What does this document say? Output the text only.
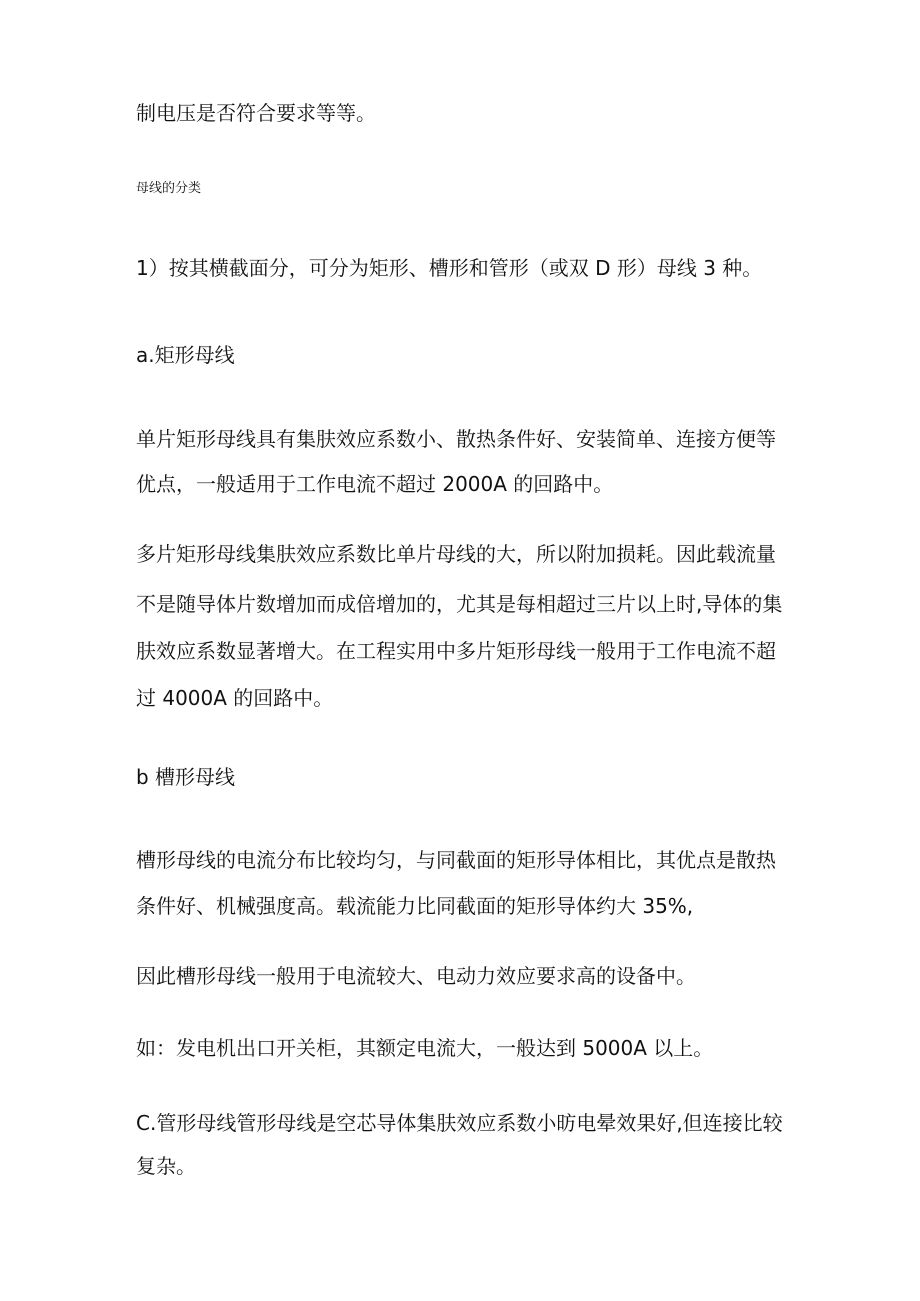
制电压是否符合要求等等。
母线的分类
1）按其横截面分，可分为矩形、槽形和管形（或双 D 形）母线 3 种。
a.矩形母线
单片矩形母线具有集肤效应系数小、散热条件好、安装简单、连接方便等
优点，一般适用于工作电流不超过 2000A 的回路中。
多片矩形母线集肤效应系数比单片母线的大，所以附加损耗。因此载流量
不是随导体片数增加而成倍增加的，尤其是每相超过三片以上时,导体的集
肤效应系数显著增大。在工程实用中多片矩形母线一般用于工作电流不超
过 4000A 的回路中。
b 槽形母线
槽形母线的电流分布比较均匀，与同截面的矩形导体相比，其优点是散热
条件好、机械强度高。载流能力比同截面的矩形导体约大 35%,
因此槽形母线一般用于电流较大、电动力效应要求高的设备中。
如：发电机出口开关柜，其额定电流大，一般达到 5000A 以上。
C.管形母线管形母线是空芯导体集肤效应系数小昉电晕效果好,但连接比较
复杂。
